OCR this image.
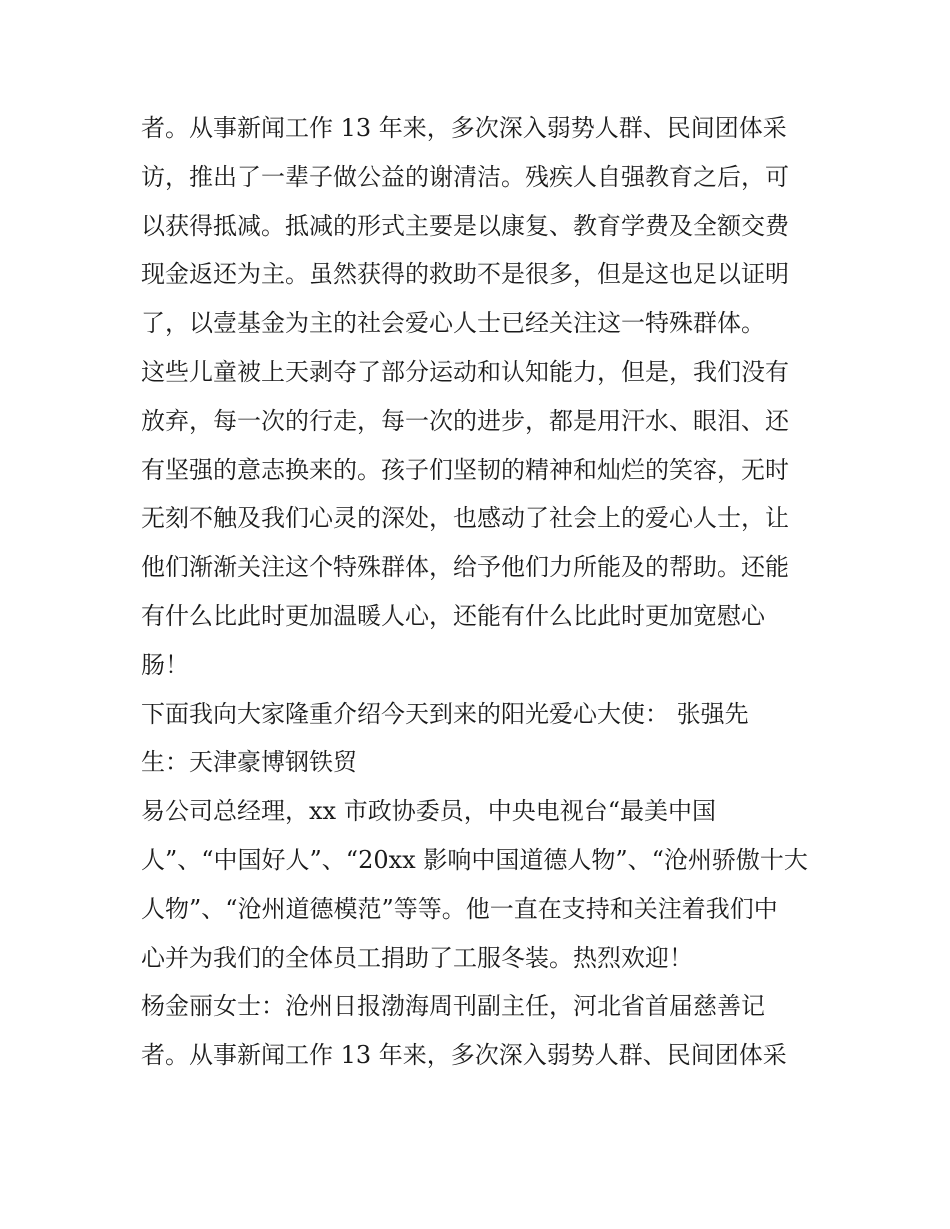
者。从事新闻工作 13 年来，多次深入弱势人群、民间团体采
访，推出了一辈子做公益的谢清洁。残疾人自强教育之后，可
以获得抵减。抵减的形式主要是以康复、教育学费及全额交费
现金返还为主。虽然获得的救助不是很多，但是这也足以证明
了，以壹基金为主的社会爱心人士已经关注这一特殊群体。
这些儿童被上天剥夺了部分运动和认知能力，但是，我们没有
放弃，每一次的行走，每一次的进步，都是用汗水、眼泪、还
有坚强的意志换来的。孩子们坚韧的精神和灿烂的笑容，无时
无刻不触及我们心灵的深处，也感动了社会上的爱心人士，让
他们渐渐关注这个特殊群体，给予他们力所能及的帮助。还能
有什么比此时更加温暖人心，还能有什么比此时更加宽慰心
肠！
下面我向大家隆重介绍今天到来的阳光爱心大使： 张强先
生：天津豪博钢铁贸
易公司总经理，xx 市政协委员，中央电视台“最美中国
人”、“中国好人”、“20xx 影响中国道德人物”、“沧州骄傲十大
人物”、“沧州道德模范”等等。他一直在支持和关注着我们中
心并为我们的全体员工捐助了工服冬装。热烈欢迎！
杨金丽女士：沧州日报渤海周刊副主任，河北省首届慈善记
者。从事新闻工作 13 年来，多次深入弱势人群、民间团体采
